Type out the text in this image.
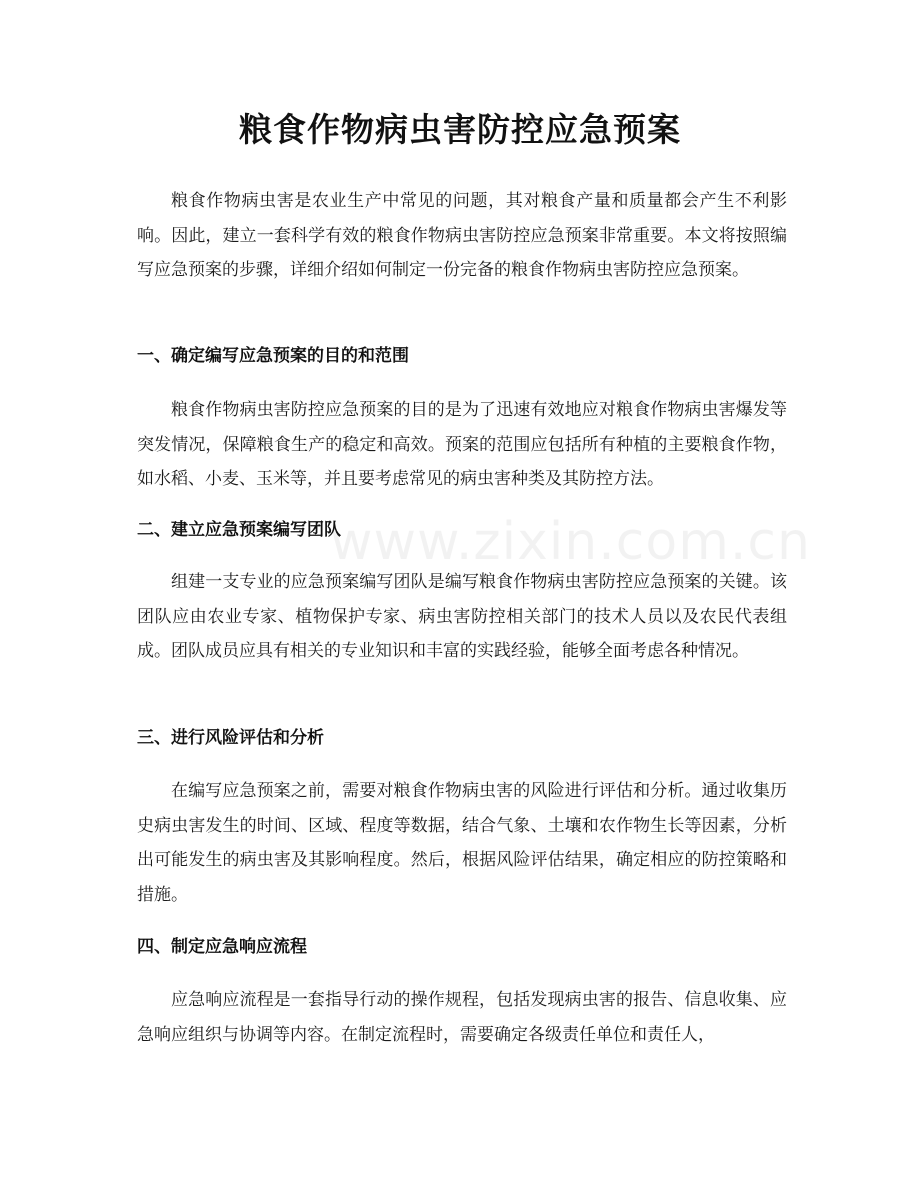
www.zixin.com.cn
粮食作物病虫害防控应急预案

粮食作物病虫害是农业生产中常见的问题，其对粮食产量和质量都会产生不利影响。因此，建立一套科学有效的粮食作物病虫害防控应急预案非常重要。本文将按照编写应急预案的步骤，详细介绍如何制定一份完备的粮食作物病虫害防控应急预案。

一、确定编写应急预案的目的和范围

粮食作物病虫害防控应急预案的目的是为了迅速有效地应对粮食作物病虫害爆发等突发情况，保障粮食生产的稳定和高效。预案的范围应包括所有种植的主要粮食作物，如水稻、小麦、玉米等，并且要考虑常见的病虫害种类及其防控方法。

二、建立应急预案编写团队

组建一支专业的应急预案编写团队是编写粮食作物病虫害防控应急预案的关键。该团队应由农业专家、植物保护专家、病虫害防控相关部门的技术人员以及农民代表组成。团队成员应具有相关的专业知识和丰富的实践经验，能够全面考虑各种情况。

三、进行风险评估和分析

在编写应急预案之前，需要对粮食作物病虫害的风险进行评估和分析。通过收集历史病虫害发生的时间、区域、程度等数据，结合气象、土壤和农作物生长等因素，分析出可能发生的病虫害及其影响程度。然后，根据风险评估结果，确定相应的防控策略和措施。

四、制定应急响应流程

应急响应流程是一套指导行动的操作规程，包括发现病虫害的报告、信息收集、应急响应组织与协调等内容。在制定流程时，需要确定各级责任单位和责任人，
